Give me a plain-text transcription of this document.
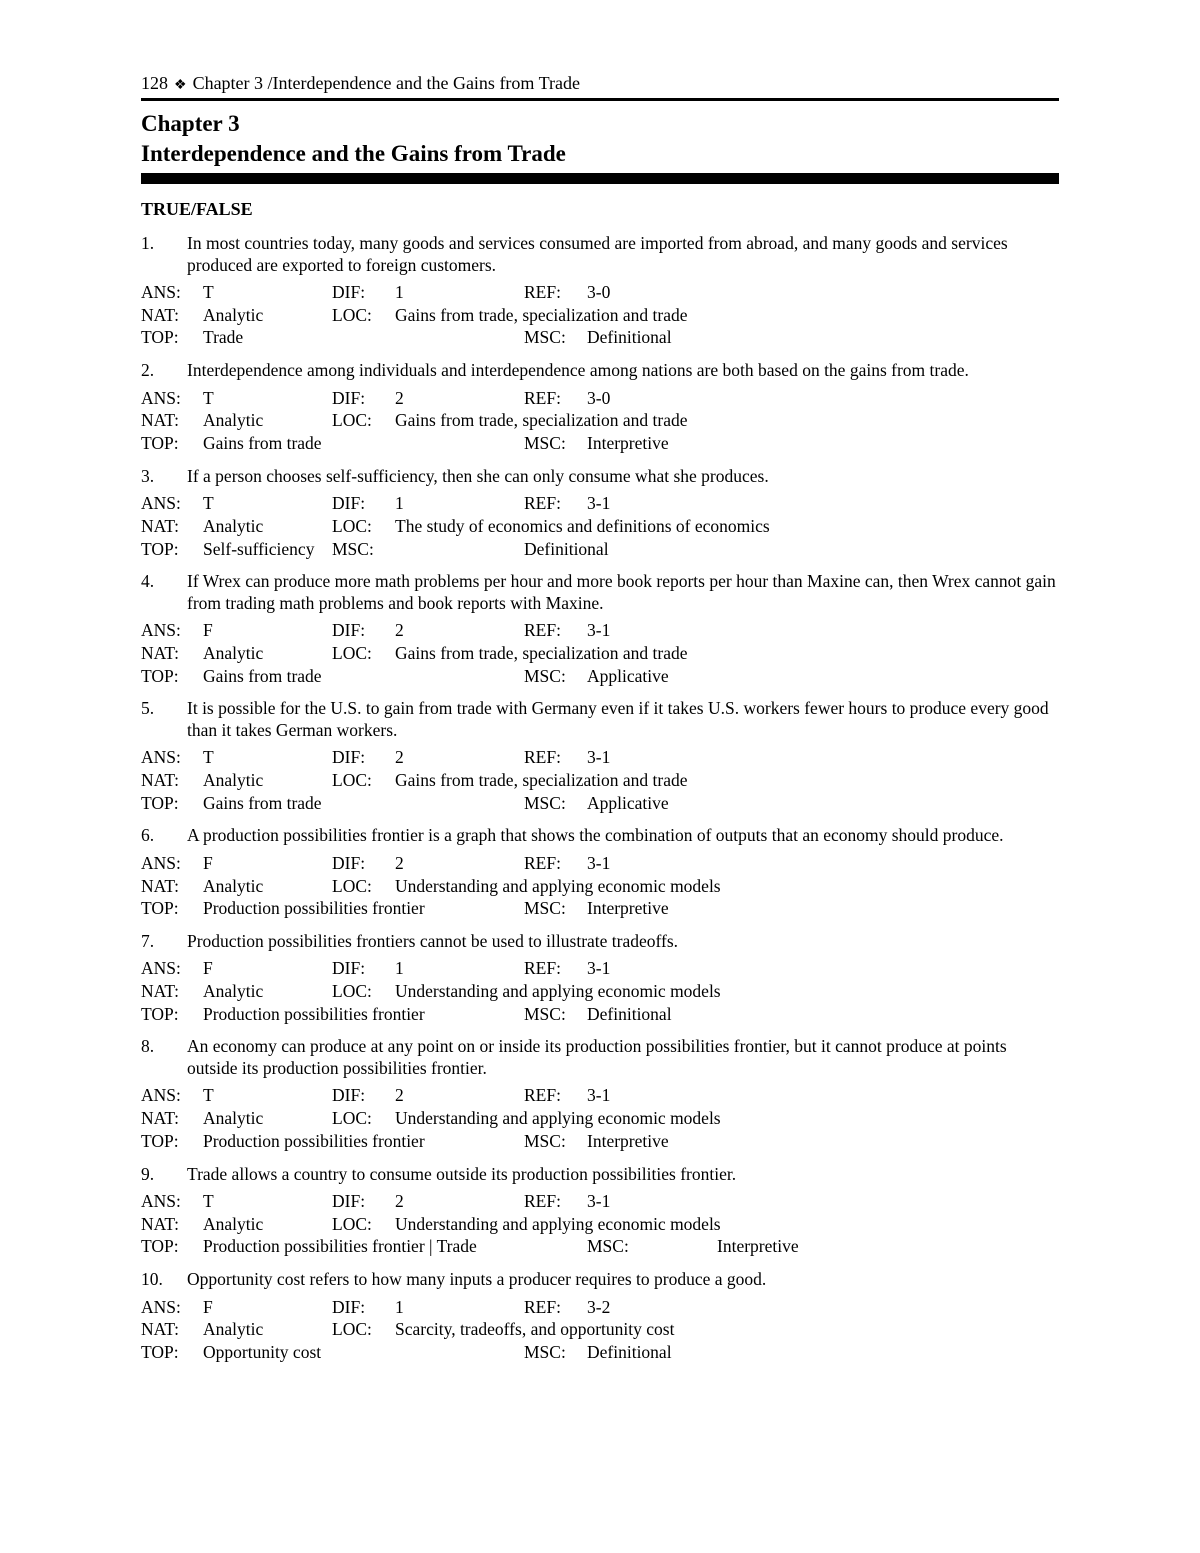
128 ❖ Chapter 3 /Interdependence and the Gains from Trade
Chapter 3
Interdependence and the Gains from Trade
TRUE/FALSE
1.	In most countries today, many goods and services consumed are imported from abroad, and many goods and services produced are exported to foreign customers.
ANS: T	DIF: 1	REF: 3-0
NAT: Analytic	LOC: Gains from trade, specialization and trade
TOP: Trade	MSC: Definitional
2.	Interdependence among individuals and interdependence among nations are both based on the gains from trade.
ANS: T	DIF: 2	REF: 3-0
NAT: Analytic	LOC: Gains from trade, specialization and trade
TOP: Gains from trade	MSC: Interpretive
3.	If a person chooses self-sufficiency, then she can only consume what she produces.
ANS: T	DIF: 1	REF: 3-1
NAT: Analytic	LOC: The study of economics and definitions of economics
TOP: Self-sufficiency MSC:	Definitional
4.	If Wrex can produce more math problems per hour and more book reports per hour than Maxine can, then Wrex cannot gain from trading math problems and book reports with Maxine.
ANS: F	DIF: 2	REF: 3-1
NAT: Analytic	LOC: Gains from trade, specialization and trade
TOP: Gains from trade	MSC: Applicative
5.	It is possible for the U.S. to gain from trade with Germany even if it takes U.S. workers fewer hours to produce every good than it takes German workers.
ANS: T	DIF: 2	REF: 3-1
NAT: Analytic	LOC: Gains from trade, specialization and trade
TOP: Gains from trade	MSC: Applicative
6.	A production possibilities frontier is a graph that shows the combination of outputs that an economy should produce.
ANS: F	DIF: 2	REF: 3-1
NAT: Analytic	LOC: Understanding and applying economic models
TOP: Production possibilities frontier	MSC: Interpretive
7.	Production possibilities frontiers cannot be used to illustrate tradeoffs.
ANS: F	DIF: 1	REF: 3-1
NAT: Analytic	LOC: Understanding and applying economic models
TOP: Production possibilities frontier	MSC: Definitional
8.	An economy can produce at any point on or inside its production possibilities frontier, but it cannot produce at points outside its production possibilities frontier.
ANS: T	DIF: 2	REF: 3-1
NAT: Analytic	LOC: Understanding and applying economic models
TOP: Production possibilities frontier	MSC: Interpretive
9.	Trade allows a country to consume outside its production possibilities frontier.
ANS: T	DIF: 2	REF: 3-1
NAT: Analytic	LOC: Understanding and applying economic models
TOP: Production possibilities frontier | Trade	MSC:	Interpretive
10.	Opportunity cost refers to how many inputs a producer requires to produce a good.
ANS: F	DIF: 1	REF: 3-2
NAT: Analytic	LOC: Scarcity, tradeoffs, and opportunity cost
TOP: Opportunity cost	MSC: Definitional
